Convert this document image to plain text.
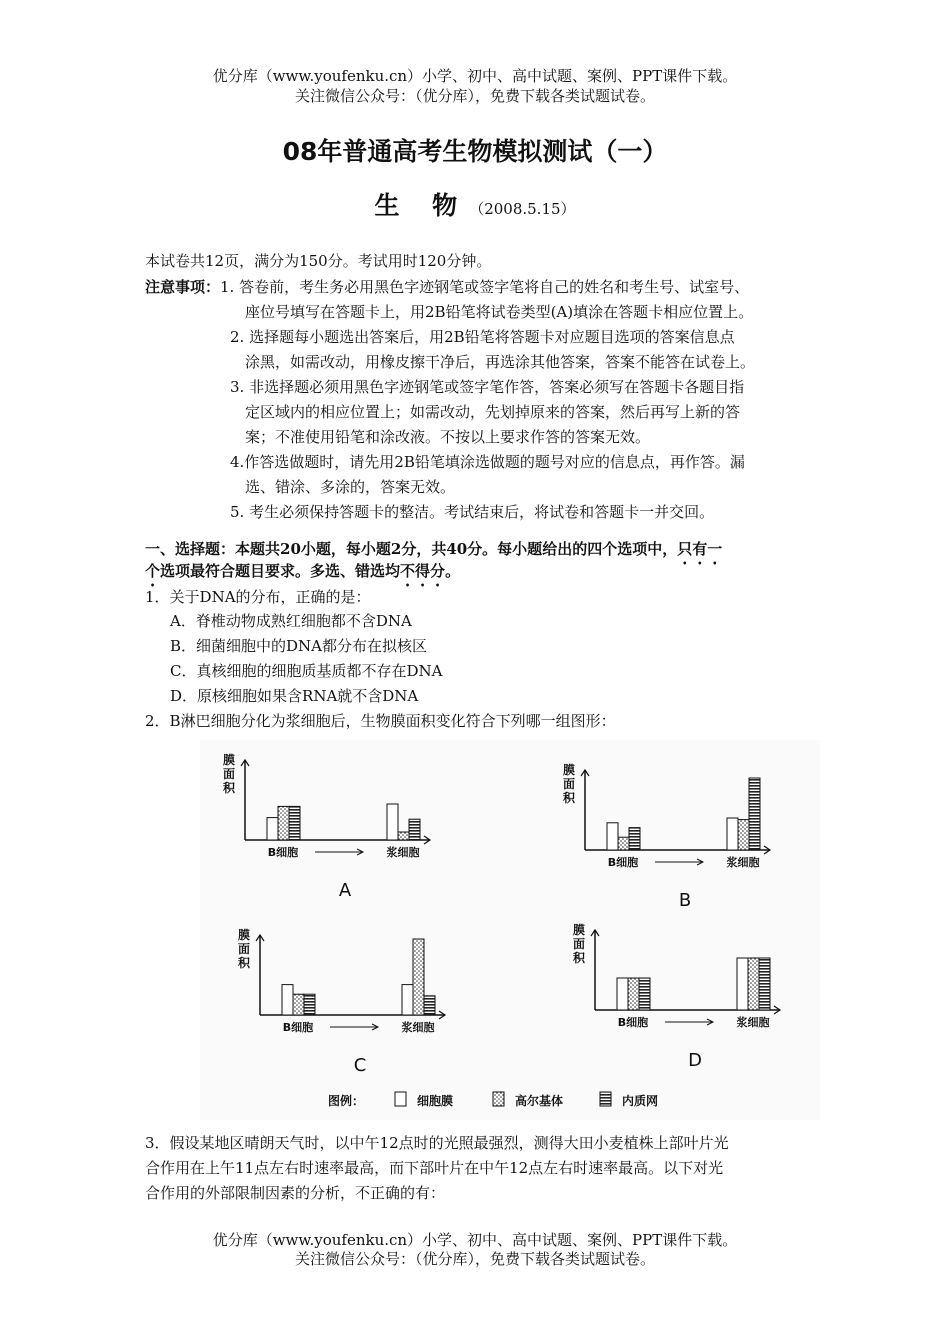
优分库（www.youfenku.cn）小学、初中、高中试题、案例、PPT课件下载。
关注微信公众号：（优分库），免费下载各类试题试卷。
08年普通高考生物模拟测试（一）
生 物（2008.5.15）
本试卷共12页，满分为150分。考试用时120分钟。
注意事项：1. 答卷前，考生务必用黑色字迹钢笔或签字笔将自己的姓名和考生号、试室号、
座位号填写在答题卡上，用2B铅笔将试卷类型(A)填涂在答题卡相应位置上。
2. 选择题每小题选出答案后，用2B铅笔将答题卡对应题目选项的答案信息点
涂黑，如需改动，用橡皮擦干净后，再选涂其他答案，答案不能答在试卷上。
3. 非选择题必须用黑色字迹钢笔或签字笔作答，答案必须写在答题卡各题目指
定区域内的相应位置上；如需改动，先划掉原来的答案，然后再写上新的答
案；不准使用铅笔和涂改液。不按以上要求作答的答案无效。
4.作答选做题时，请先用2B铅笔填涂选做题的题号对应的信息点，再作答。漏
选、错涂、多涂的，答案无效。
5. 考生必须保持答题卡的整洁。考试结束后，将试卷和答题卡一并交回。
一、选择题：本题共20小题，每小题2分，共40分。每小题给出的四个选项中，只有一
个选项最符合题目要求。多选、错选均不得分。
1．关于DNA的分布，正确的是：
A．脊椎动物成熟红细胞都不含DNA
B．细菌细胞中的DNA都分布在拟核区
C．真核细胞的细胞质基质都不存在DNA
D．原核细胞如果含RNA就不含DNA
2．B淋巴细胞分化为浆细胞后，生物膜面积变化符合下列哪一组图形：
膜
面
积
B细胞	浆细胞
A
膜
面
积
B细胞	浆细胞
B
膜
面
积
B细胞	浆细胞
C
膜
面
积
B细胞	浆细胞
D
图例：	细胞膜	高尔基体	内质网
3．假设某地区晴朗天气时，以中午12点时的光照最强烈，测得大田小麦植株上部叶片光
合作用在上午11点左右时速率最高，而下部叶片在中午12点左右时速率最高。以下对光
合作用的外部限制因素的分析，不正确的有：
优分库（www.youfenku.cn）小学、初中、高中试题、案例、PPT课件下载。
关注微信公众号：（优分库），免费下载各类试题试卷。
